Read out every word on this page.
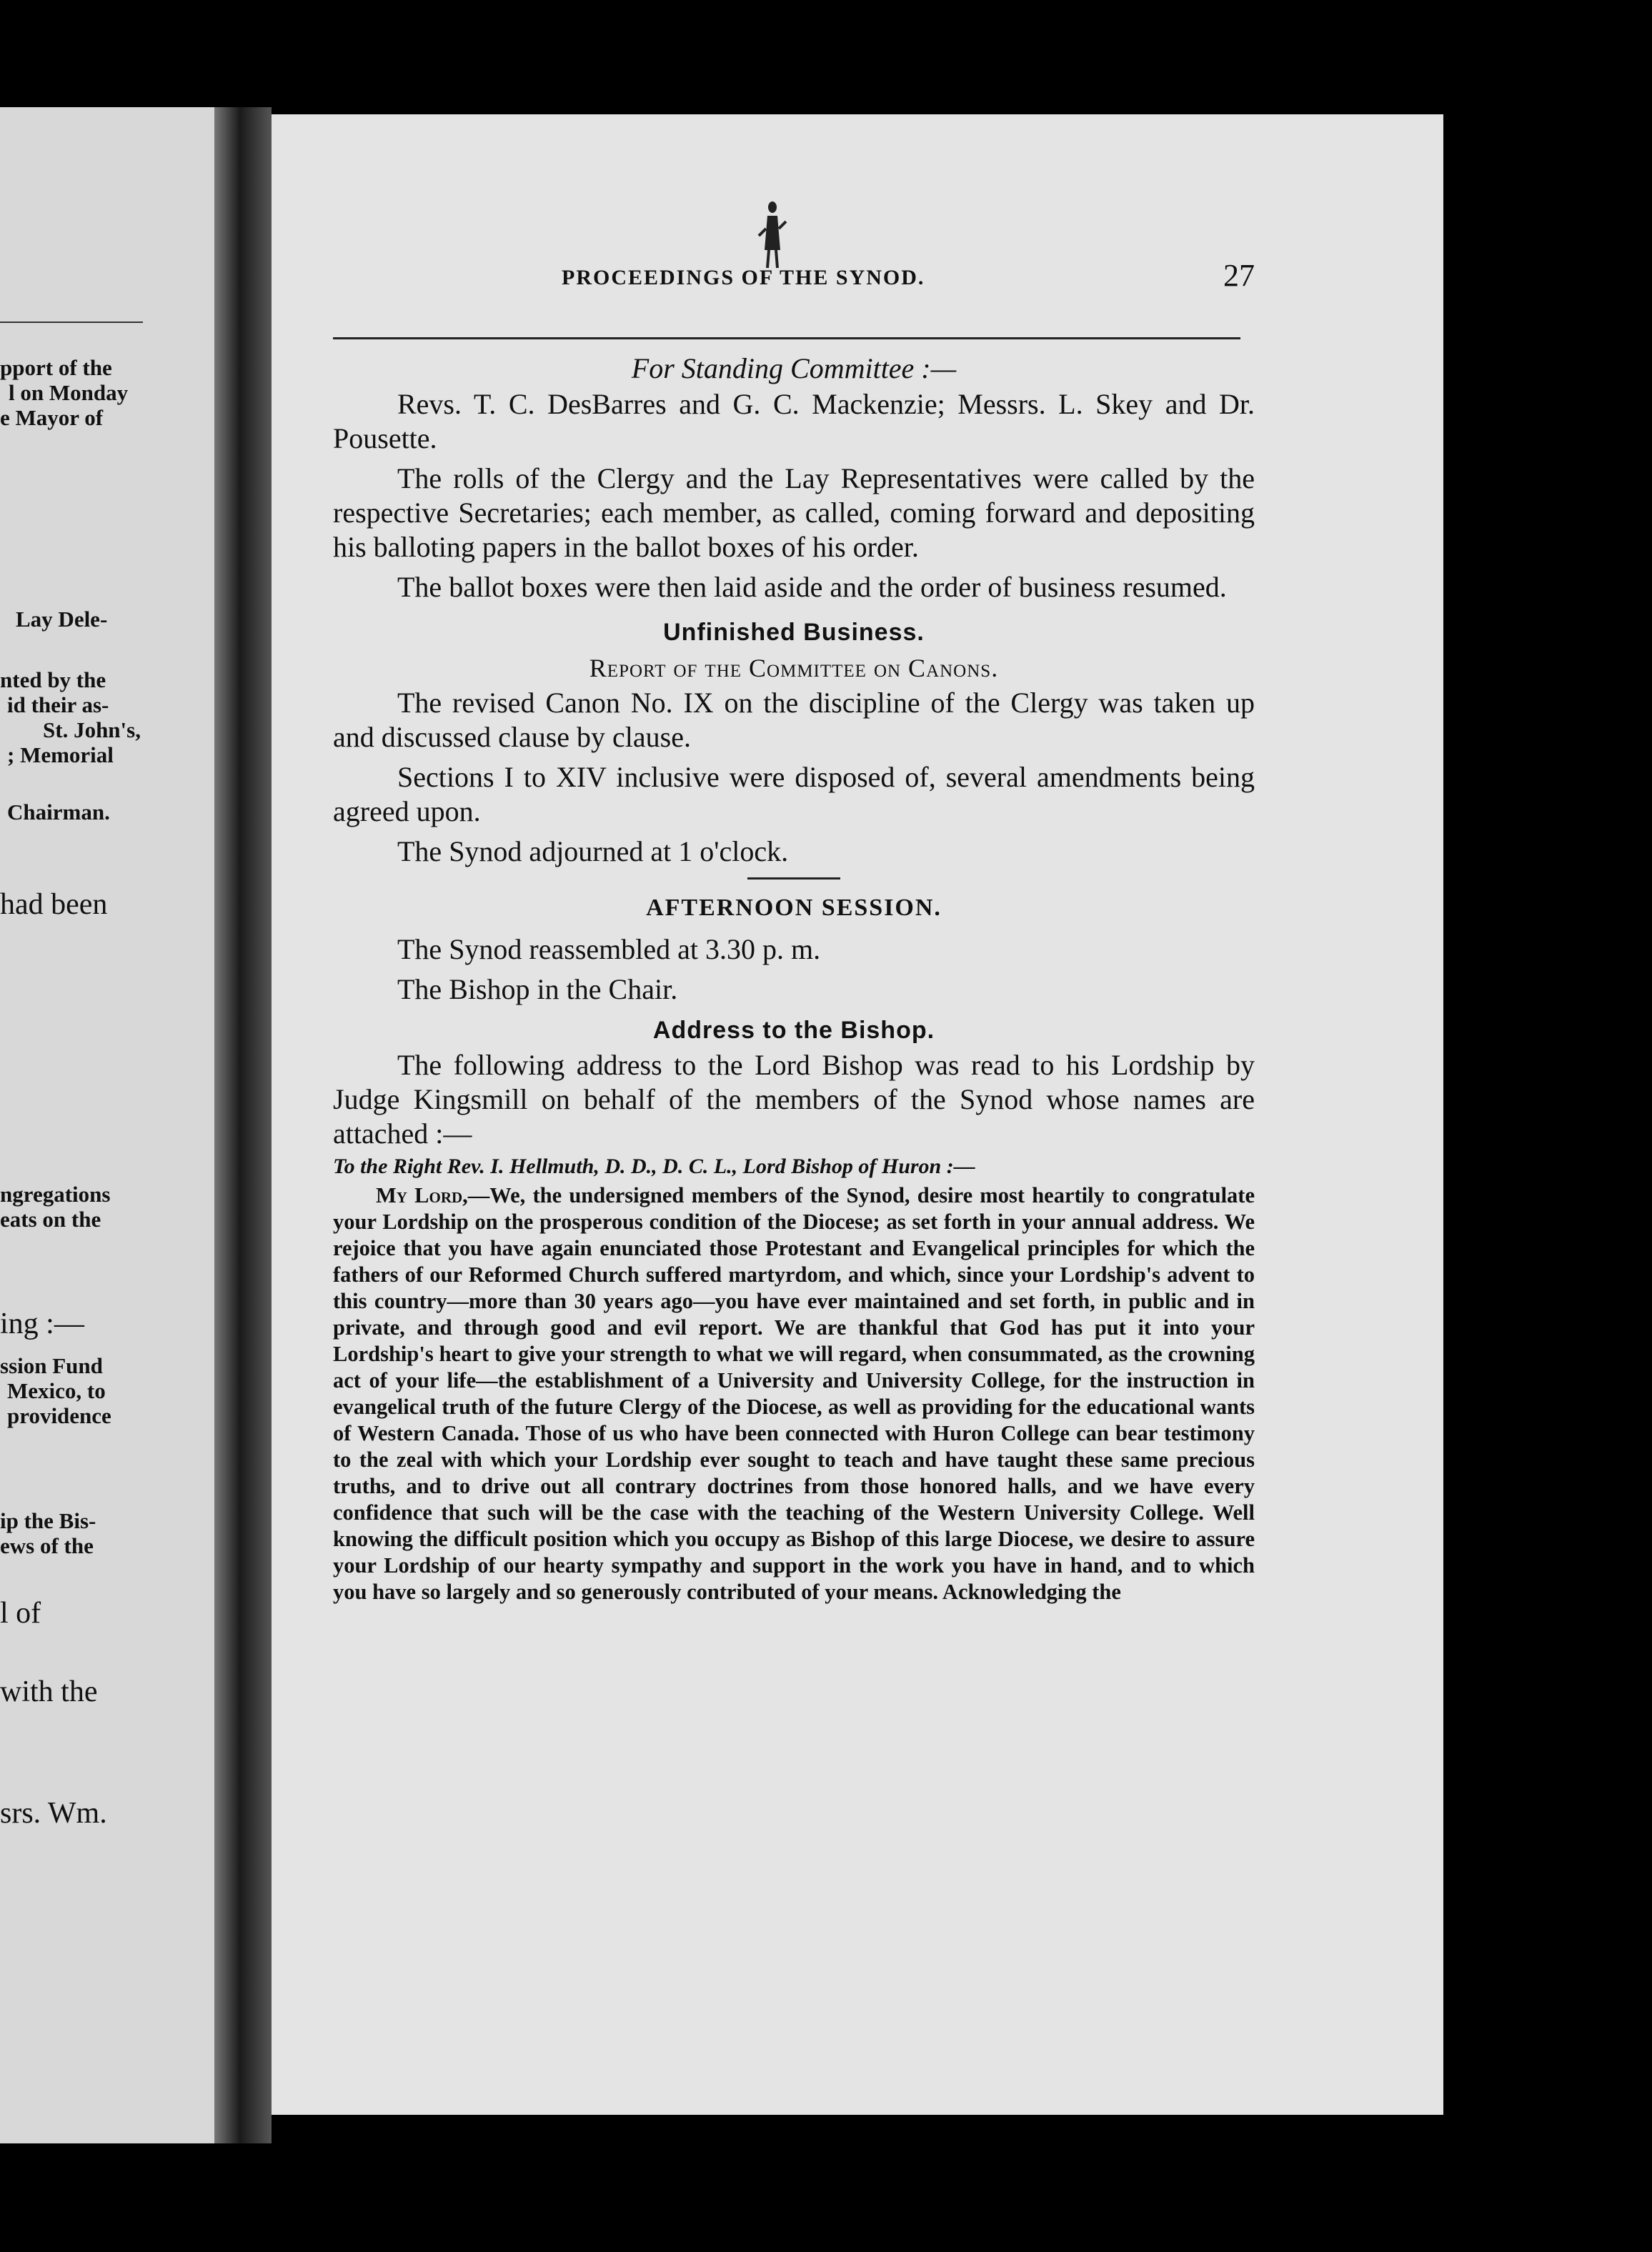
pport of the
l on Monday
e Mayor of
Lay Dele-
nted by the
id their as-
St. John's,
; Memorial
Chairman.
had been
ngregations
eats on the
ing :—
ssion Fund
Mexico, to
providence
ip the Bis-
ews of the
l of
with the
srs. Wm.
PROCEEDINGS OF THE SYNOD.	27
For Standing Committee :—

Revs. T. C. DesBarres and G. C. Mackenzie; Messrs. L. Skey and Dr. Pousette.

The rolls of the Clergy and the Lay Representatives were called by the respective Secretaries; each member, as called, coming forward and depositing his balloting papers in the ballot boxes of his order.

The ballot boxes were then laid aside and the order of business resumed.

Unfinished Business.
Report of the Committee on Canons.

The revised Canon No. IX on the discipline of the Clergy was taken up and discussed clause by clause.

Sections I to XIV inclusive were disposed of, several amendments being agreed upon.

The Synod adjourned at 1 o'clock.

AFTERNOON SESSION.

The Synod reassembled at 3.30 p. m.

The Bishop in the Chair.

Address to the Bishop.

The following address to the Lord Bishop was read to his Lordship by Judge Kingsmill on behalf of the members of the Synod whose names are attached :—

To the Right Rev. I. Hellmuth, D. D., D. C. L., Lord Bishop of Huron :—
My Lord,—We, the undersigned members of the Synod, desire most heartily to congratulate your Lordship on the prosperous condition of the Diocese; as set forth in your annual address. We rejoice that you have again enunciated those Protestant and Evangelical principles for which the fathers of our Reformed Church suffered martyrdom, and which, since your Lordship's advent to this country—more than 30 years ago—you have ever maintained and set forth, in public and in private, and through good and evil report. We are thankful that God has put it into your Lordship's heart to give your strength to what we will regard, when consummated, as the crowning act of your life—the establishment of a University and University College, for the instruction in evangelical truth of the future Clergy of the Diocese, as well as providing for the educational wants of Western Canada. Those of us who have been connected with Huron College can bear testimony to the zeal with which your Lordship ever sought to teach and have taught these same precious truths, and to drive out all contrary doctrines from those honored halls, and we have every confidence that such will be the case with the teaching of the Western University College. Well knowing the difficult position which you occupy as Bishop of this large Diocese, we desire to assure your Lordship of our hearty sympathy and support in the work you have in hand, and to which you have so largely and so generously contributed of your means. Acknowledging the
